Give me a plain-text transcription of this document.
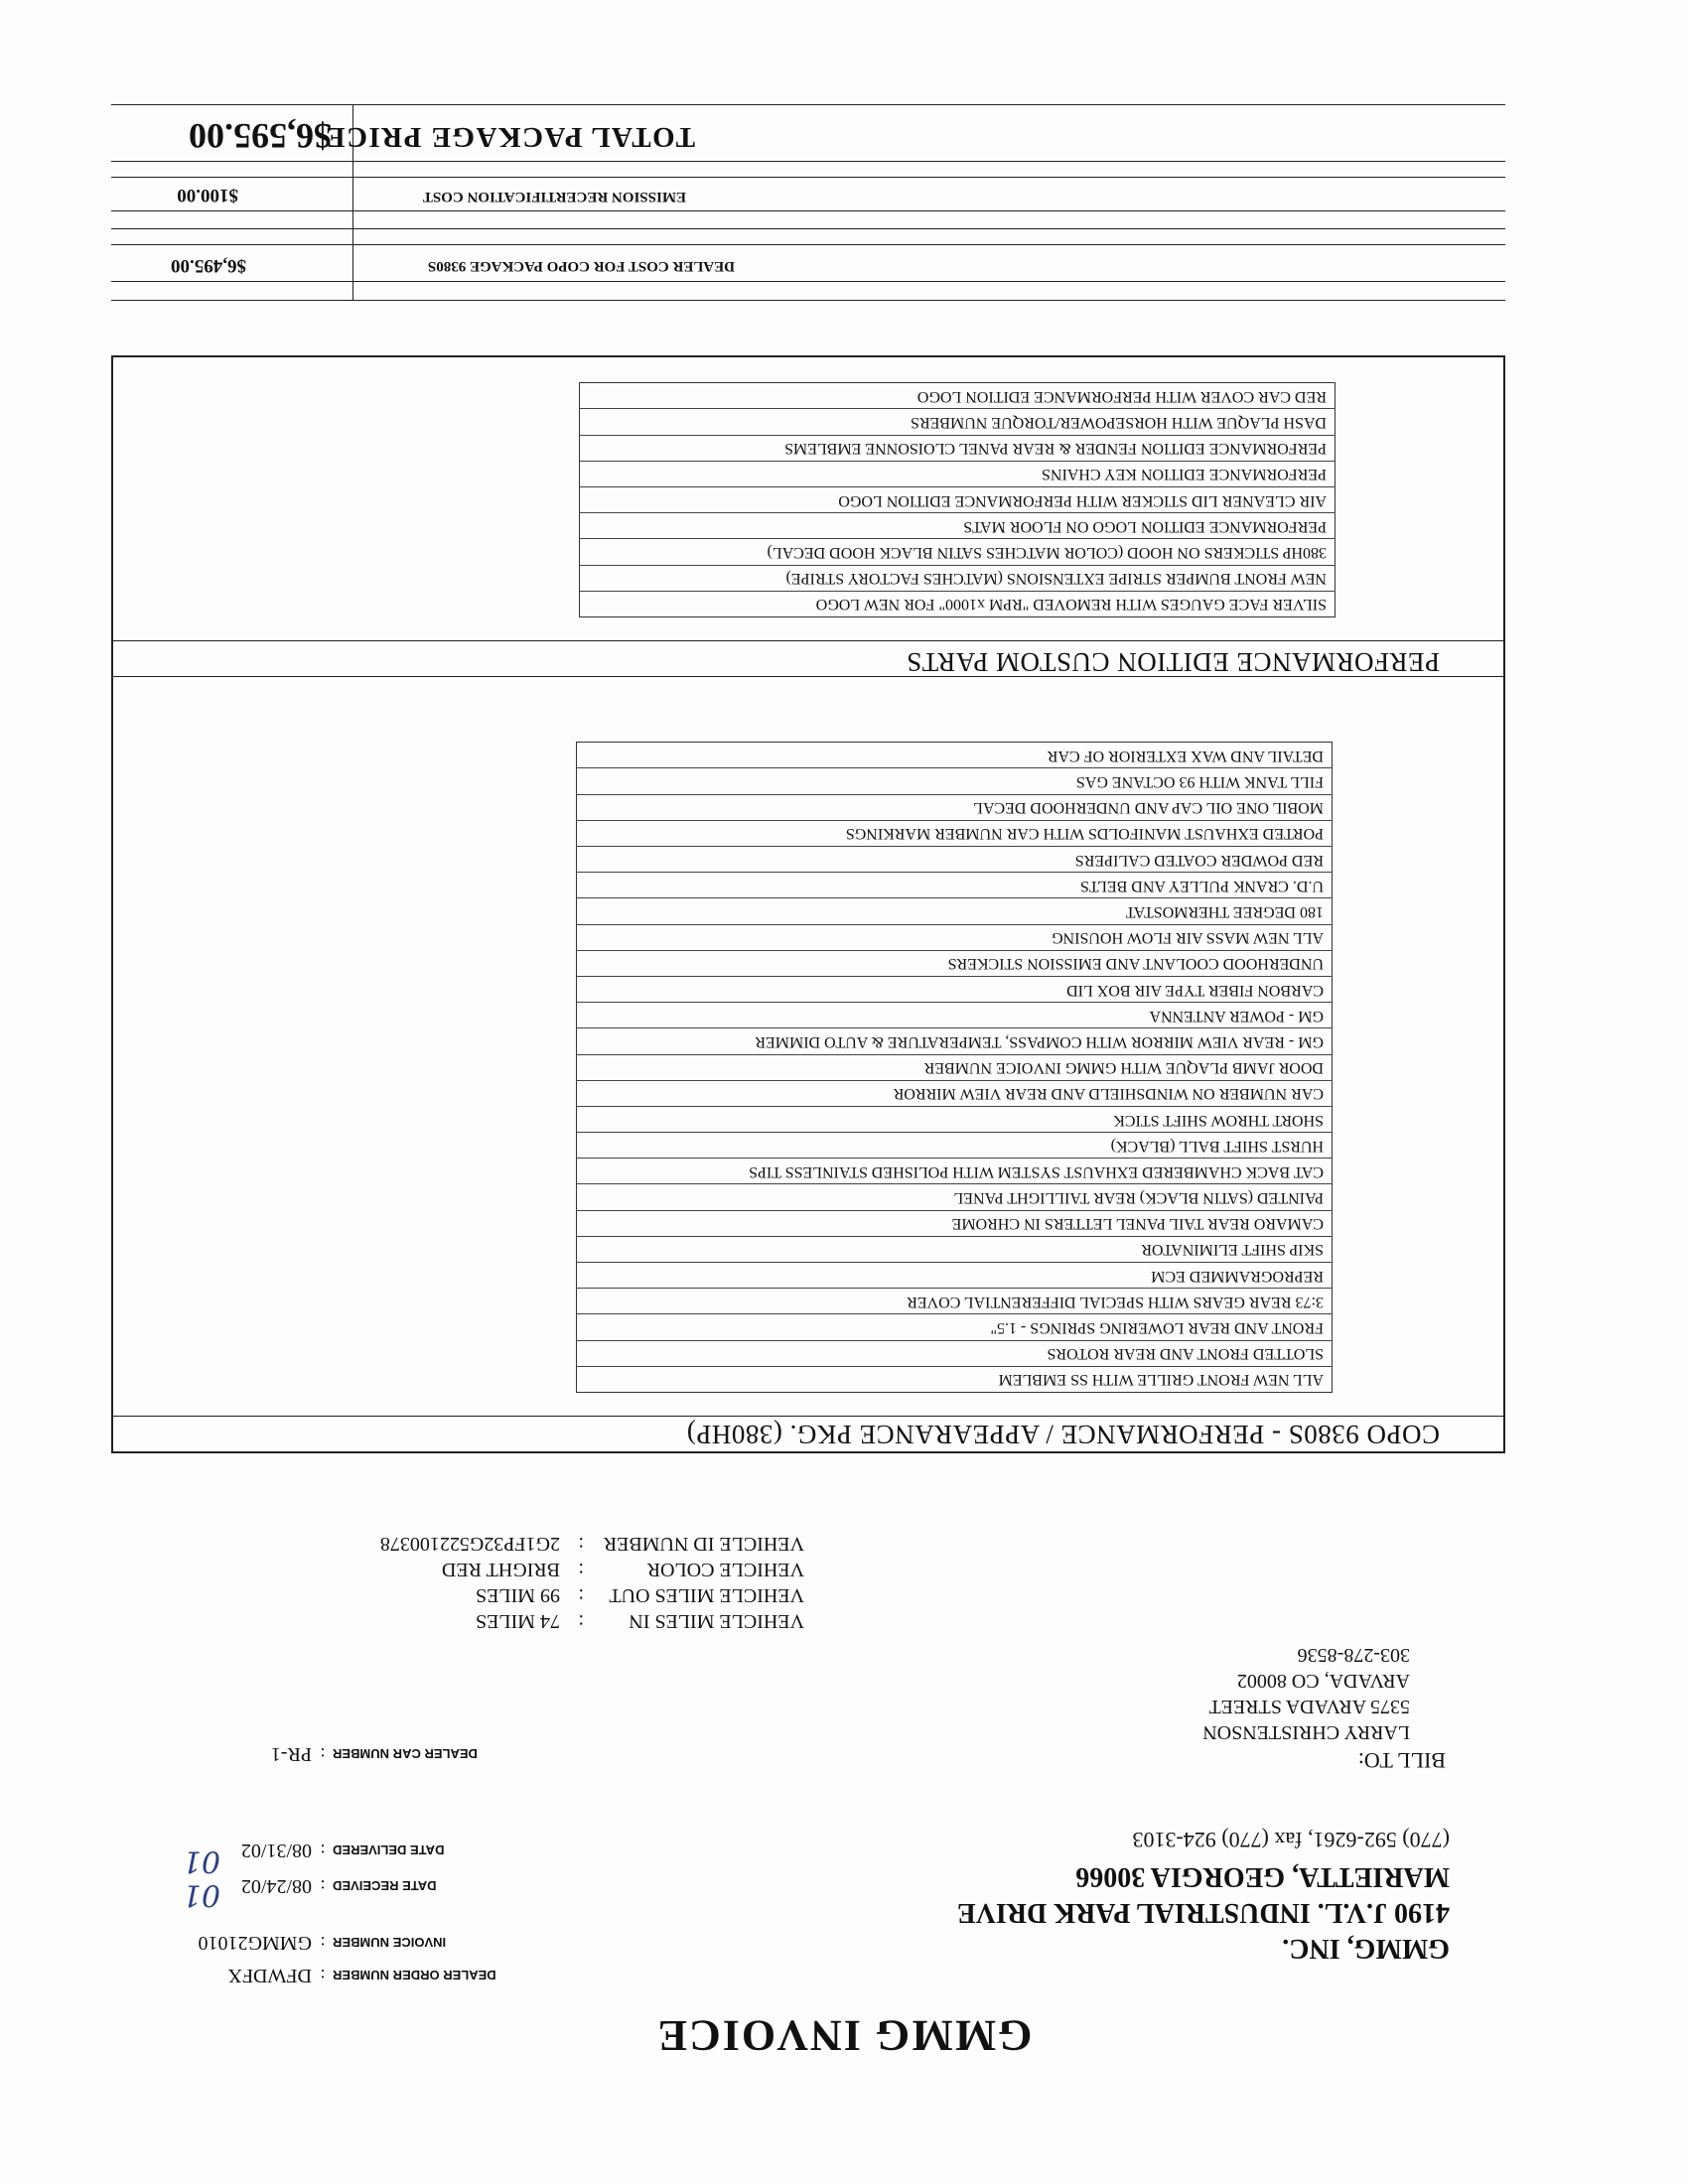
GMMG INVOICE
GMMG, INC.
4190 J.V.L. INDUSTRIAL PARK DRIVE
MARIETTA, GEORGIA 30066
(770) 592-6261, fax (770) 924-3103
DEALER ORDER NUMBER
:
DFWDFX
INVOICE NUMBER
:
GMMG21010
DATE RECEIVED
:
08/24/02
01
DATE DELIVERED
:
08/31/02
01
DEALER CAR NUMBER
:
PR-1	BILL TO:
LARRY CHRISTENSON
5375 ARVADA STREET
ARVADA, CO 80002
303-278-8536
VEHICLE MILES IN
:
74 MILES
VEHICLE MILES OUT
:
99 MILES
VEHICLE COLOR
:
BRIGHT RED
VEHICLE ID NUMBER
:
2G1FP32G522100378
COPO 9380S - PERFORMANCE / APPEARANCE PKG. (380HP)
ALL NEW FRONT GRILLE WITH SS EMBLEM
SLOTTED FRONT AND REAR ROTORS
FRONT AND REAR LOWERING SPRINGS - 1.5"
3:73 REAR GEARS WITH SPECIAL DIFFERENTIAL COVER
REPROGRAMMED ECM
SKIP SHIFT ELIMINATOR
CAMARO REAR TAIL PANEL LETTERS IN CHROME
PAINTED (SATIN BLACK) REAR TAILLIGHT PANEL
CAT BACK CHAMBERED EXHAUST SYSTEM WITH POLISHED STAINLESS TIPS
HURST SHIFT BALL (BLACK)
SHORT THROW SHIFT STICK
CAR NUMBER ON WINDSHIELD AND REAR VIEW MIRROR
DOOR JAMB PLAQUE WITH GMMG INVOICE NUMBER
GM - REAR VIEW MIRROR WITH COMPASS, TEMPERATURE & AUTO DIMMER
GM - POWER ANTENNA
CARBON FIBER TYPE AIR BOX LID
UNDERHOOD COOLANT AND EMISSION STICKERS
ALL NEW MASS AIR FLOW HOUSING
180 DEGREE THERMOSTAT
U.D. CRANK PULLEY AND BELTS
RED POWDER COATED CALIPERS
PORTED EXHAUST MANIFOLDS WITH CAR NUMBER MARKINGS
MOBIL ONE OIL CAP AND UNDERHOOD DECAL
FILL TANK WITH 93 OCTANE GAS
DETAIL AND WAX EXTERIOR OF CAR
PERFORMANCE EDITION CUSTOM PARTS
SILVER FACE GAUGES WITH REMOVED "RPM x1000" FOR NEW LOGO
NEW FRONT BUMPER STRIPE EXTENSIONS (MATCHES FACTORY STRIPE)
380HP STICKERS ON HOOD (COLOR MATCHES SATIN BLACK HOOD DECAL)
PERFORMANCE EDITION LOGO ON FLOOR MATS
AIR CLEANER LID STICKER WITH PERFORMANCE EDITION LOGO
PERFORMANCE EDITION KEY CHAINS
PERFORMANCE EDITION FENDER & REAR PANEL CLOISONNE EMBLEMS
DASH PLAQUE WITH HORSEPOWER/TORQUE NUMBERS
RED CAR COVER WITH PERFORMANCE EDITION LOGO
DEALER COST FOR COPO PACKAGE 9380S
$6,495.00
EMISSION RECERTIFICATION COST
$100.00
TOTAL PACKAGE PRICE
$6,595.00
